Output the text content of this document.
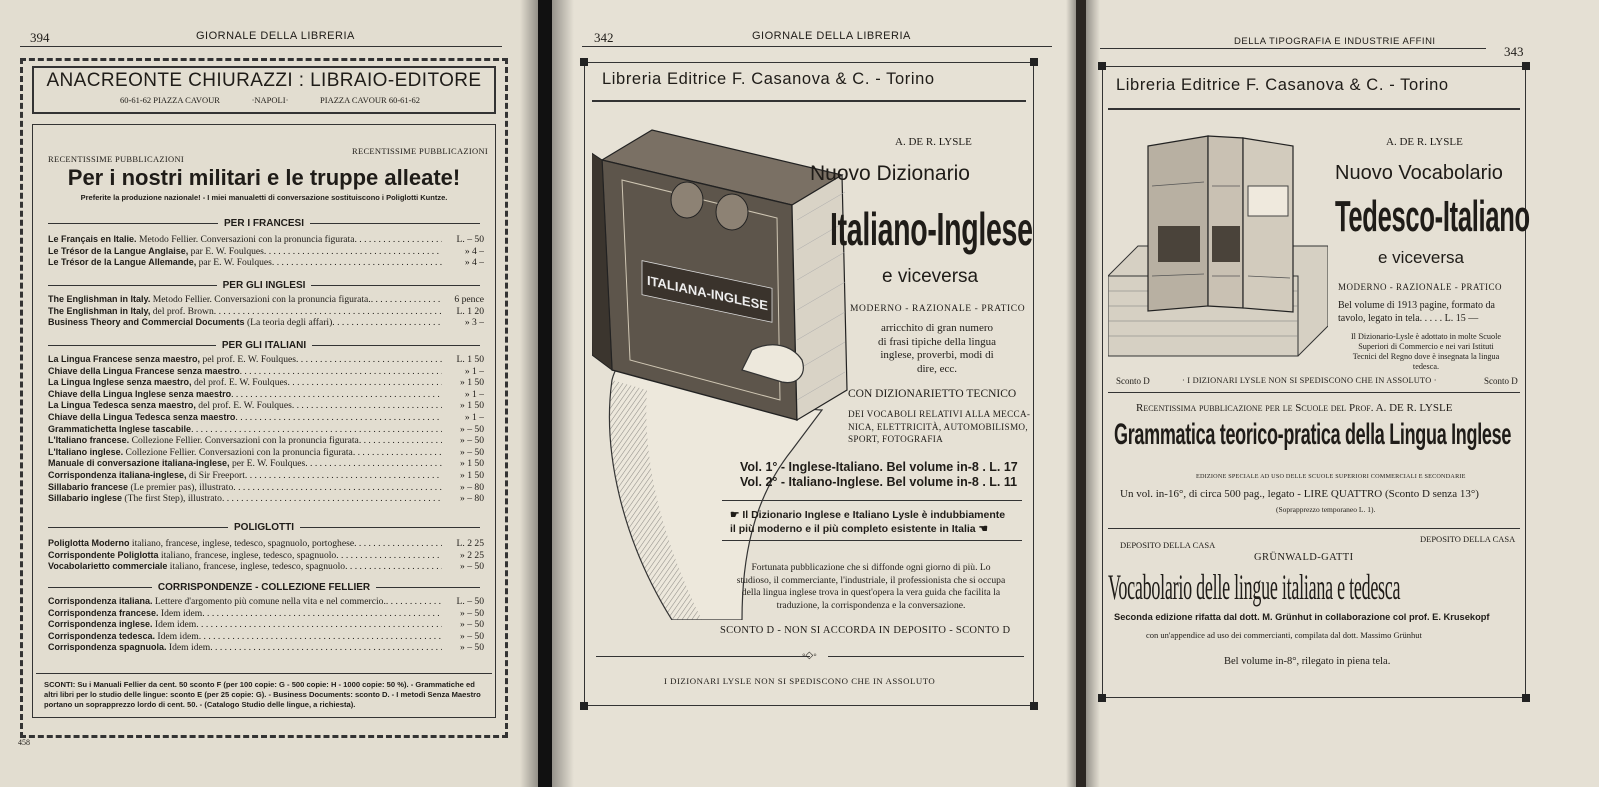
394	GIORNALE DELLA LIBRERIA
ANACREONTE CHIURAZZI : LIBRAIO-EDITORE
60-61-62 PIAZZA CAVOUR	·NAPOLI·	PIAZZA CAVOUR 60-61-62
RECENTISSIME PUBBLICAZIONI
RECENTISSIME PUBBLICAZIONI
Per i nostri militari e le truppe alleate!
Preferite la produzione nazionale! - I miei manualetti di conversazione sostituiscono i Poliglotti Kuntze.
PER I FRANCESI
Le Français en Italie. Metodo Fellier. Conversazioni con la pronuncia figurata . . .	L. – 50
Le Trésor de la Langue Anglaise, par E. W. Foulques . . .	» 4 –
Le Trésor de la Langue Allemande, par E. W. Foulques . . .	» 4 –
PER GLI INGLESI
The Englishman in Italy. Metodo Fellier. Conversazioni con la pronuncia figurata. . . .	6 pence
The Englishman in Italy, del prof. Brown . . .	L. 1 20
Business Theory and Commercial Documents (La teoria degli affari) . . .	» 3 –
PER GLI ITALIANI
La Lingua Francese senza maestro, pel prof. E. W. Foulques . . .	L. 1 50
Chiave della Lingua Francese senza maestro . . .	» 1 –
La Lingua Inglese senza maestro, del prof. E. W. Foulques . . .	» 1 50
Chiave della Lingua Inglese senza maestro . . .	» 1 –
La Lingua Tedesca senza maestro, del prof. E. W. Foulques . . .	» 1 50
Chiave della Lingua Tedesca senza maestro . . .	» 1 –
Grammatichetta Inglese tascabile . . .	» – 50
L'Italiano francese. Collezione Fellier. Conversazioni con la pronuncia figurata . . .	» – 50
L'Italiano inglese. Collezione Fellier. Conversazioni con la pronuncia figurata . . .	» – 50
Manuale di conversazione italiana-inglese, per E. W. Foulques . . .	» 1 50
Corrispondenza italiana-inglese, di Sir Freeport . . .	» 1 50
Sillabario francese (Le premier pas), illustrato . . .	» – 80
Sillabario inglese (The first Step), illustrato . . .	» – 80
POLIGLOTTI
Poliglotta Moderno italiano, francese, inglese, tedesco, spagnuolo, portoghese . . .	L. 2 25
Corrispondente Poliglotta italiano, francese, inglese, tedesco, spagnuolo . . .	» 2 25
Vocabolarietto commerciale italiano, francese, inglese, tedesco, spagnuolo . . .	» – 50
CORRISPONDENZE - COLLEZIONE FELLIER
Corrispondenza italiana. Lettere d'argomento più comune nella vita e nel commercio. . . .	L. – 50
Corrispondenza francese. Idem idem . . .	» – 50
Corrispondenza inglese. Idem idem . . .	» – 50
Corrispondenza tedesca. Idem idem . . .	» – 50
Corrispondenza spagnuola. Idem idem . . .	» – 50
SCONTI: Su i Manuali Fellier da cent. 50 sconto F (per 100 copie: G - 500 copie: H - 1000 copie: 50 %). - Grammatiche ed altri libri per lo studio delle lingue: sconto E (per 25 copie: G). - Business Documents: sconto D. - I metodi Senza Maestro portano un soprapprezzo lordo di cent. 50. - (Catalogo Studio delle lingue, a richiesta).
458
342	GIORNALE DELLA LIBRERIA
Libreria Editrice F. Casanova & C. - Torino
ITALIANA-INGLESE
A. DE R. LYSLE
Nuovo Dizionario
Italiano-Inglese
e viceversa
MODERNO - RAZIONALE - PRATICO
arricchito di gran numero
di frasi tipiche della lingua
inglese, proverbi, modi di
dire, ecc.
CON DIZIONARIETTO TECNICO
DEI VOCABOLI RELATIVI ALLA MECCA-
NICA, ELETTRICITÀ, AUTOMOBILISMO,
SPORT, FOTOGRAFIA
Vol. 1° - Inglese-Italiano. Bel volume in-8 . L. 17
Vol. 2° - Italiano-Inglese. Bel volume in-8 . L. 11
☛ Il Dizionario Inglese e Italiano Lysle è indubbiamente
il più moderno e il più completo esistente in Italia ☚
Fortunata pubblicazione che si diffonde ogni giorno di più. Lo
studioso, il commerciante, l'industriale, il professionista che si occupa
della lingua inglese trova in quest'opera la vera guida che facilita la
traduzione, la corrispondenza e la conversazione.
SCONTO D - NON SI ACCORDA IN DEPOSITO - SCONTO D
◦◇◦
I DIZIONARI LYSLE NON SI SPEDISCONO CHE IN ASSOLUTO
DELLA TIPOGRAFIA E INDUSTRIE AFFINI
343
Libreria Editrice F. Casanova & C. - Torino
A. DE R. LYSLE
Nuovo Vocabolario
Tedesco-Italiano
e viceversa
MODERNO - RAZIONALE - PRATICO
Bel volume di 1913 pagine, formato da
tavolo, legato in tela. . . . . L. 15 —
Il Dizionario-Lysle è adottato in molte Scuole
Superiori di Commercio e nei vari Istituti
Tecnici del Regno dove è insegnata la lingua
tedesca.
Sconto D	· I DIZIONARI LYSLE NON SI SPEDISCONO CHE IN ASSOLUTO ·	Sconto D
Recentissima pubblicazione per le Scuole del Prof. A. DE R. LYSLE
Grammatica teorico-pratica della Lingua Inglese
EDIZIONE SPECIALE AD USO DELLE SCUOLE SUPERIORI COMMERCIALI E SECONDARIE
Un vol. in-16°, di circa 500 pag., legato - LIRE QUATTRO (Sconto D senza 13°)
(Soprapprezzo temporaneo L. 1).
DEPOSITO DELLA CASA
DEPOSITO DELLA CASA
GRÜNWALD-GATTI
Vocabolario delle lingue italiana e tedesca
Seconda edizione rifatta dal dott. M. Grünhut in collaborazione col prof. E. Krusekopf
con un'appendice ad uso dei commercianti, compilata dal dott. Massimo Grünhut
Bel volume in-8°, rilegato in piena tela.
